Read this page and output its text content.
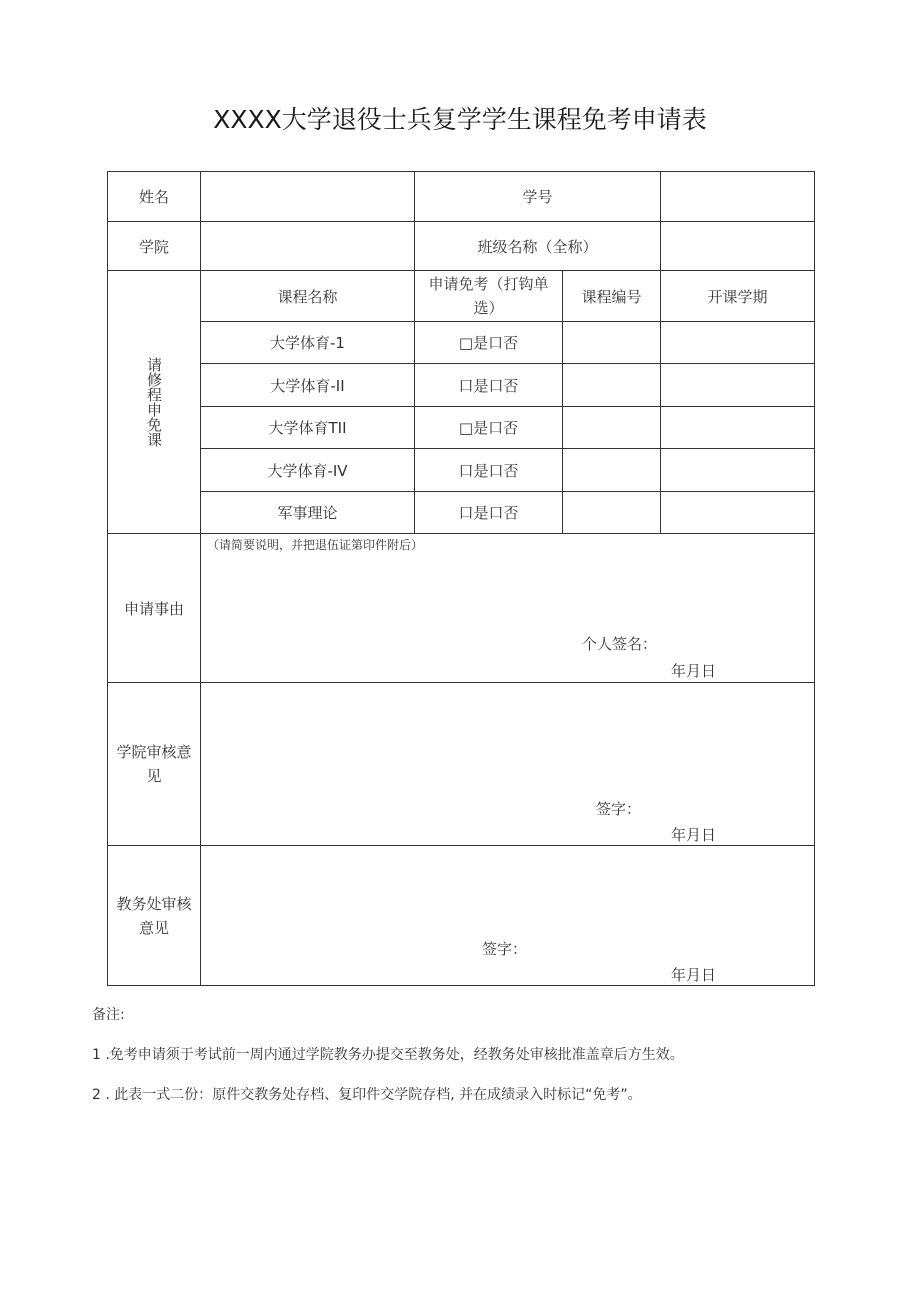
XXXX大学退役士兵复学学生课程免考申请表
姓名		学号		
学院		班级名称（全称）		

请修程申免课	课程名称	申请免考（打钩单选）	课程编号	开课学期
	大学体育-1	□是口否		
	大学体育-II	口是口否		
	大学体育TII	□是口否		
	大学体育-IV	口是口否		
	军事理论	口是口否		
申请事由	（请简要说明，并把退伍证第印件附后）
个人签名：
年月日			

学院审核意见	签字：
年月日			

教务处审核意见	签字：
年月日			
备注:
1 .免考申请须于考试前一周内通过学院教务办提交至教务处，经教务处审核批准盖章后方生效。
2 . 此表一式二份：原件交教务处存档、复印件交学院存档, 并在成绩录入时标记“免考”。
